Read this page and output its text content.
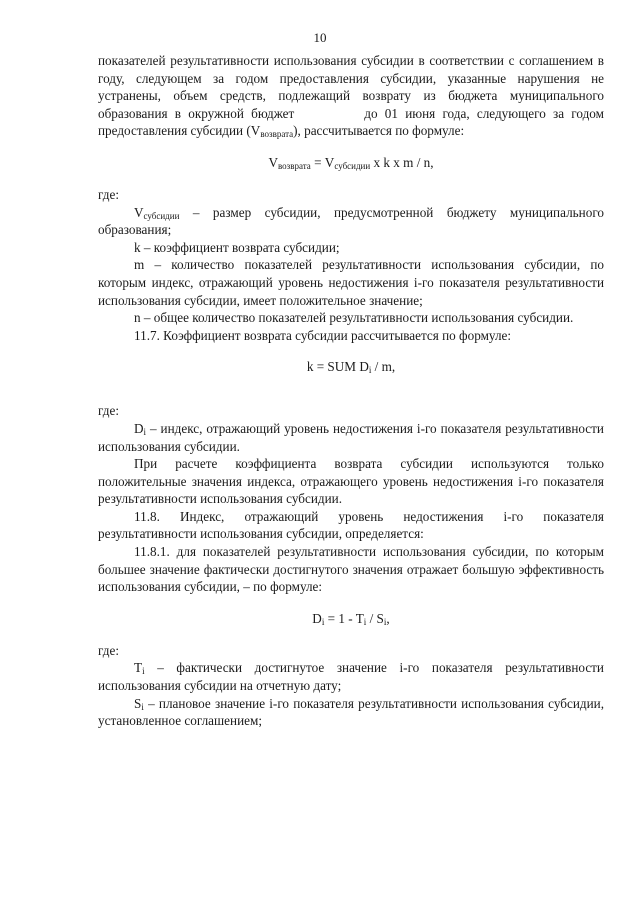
10

показателей результативности использования субсидии в соответствии с соглашением в году, следующем за годом предоставления субсидии, указанные нарушения не устранены, объем средств, подлежащий возврату из бюджета муниципального образования в окружной бюджет	до 01 июня года, следующего за годом предоставления субсидии $(V_{возврата})$, рассчитывается по формуле:

$V_{возврата} = V_{субсидии}$ x k x m / n,

где:

$V_{субсидии}$ – размер субсидии, предусмотренной бюджету муниципального образования;

k – коэффициент возврата субсидии;

m – количество показателей результативности использования субсидии, по которым индекс, отражающий уровень недостижения i-го показателя результативности использования субсидии, имеет положительное значение;

n – общее количество показателей результативности использования субсидии.

11.7. Коэффициент возврата субсидии рассчитывается по формуле:

k = SUM $D_i$ / m,

где:

$D_i$ – индекс, отражающий уровень недостижения i-го показателя результативности использования субсидии.

При расчете коэффициента возврата субсидии используются только положительные значения индекса, отражающего уровень недостижения i-го показателя результативности использования субсидии.

11.8. Индекс, отражающий уровень недостижения i-го показателя результативности использования субсидии, определяется:

11.8.1. для показателей результативности использования субсидии, по которым большее значение фактически достигнутого значения отражает большую эффективность использования субсидии, – по формуле:

$D_i = 1 - T_i / S_i$,

где:

$T_i$ – фактически достигнутое значение i-го показателя результативности использования субсидии на отчетную дату;

$S_i$ – плановое значение i-го показателя результативности использования субсидии, установленное соглашением;
